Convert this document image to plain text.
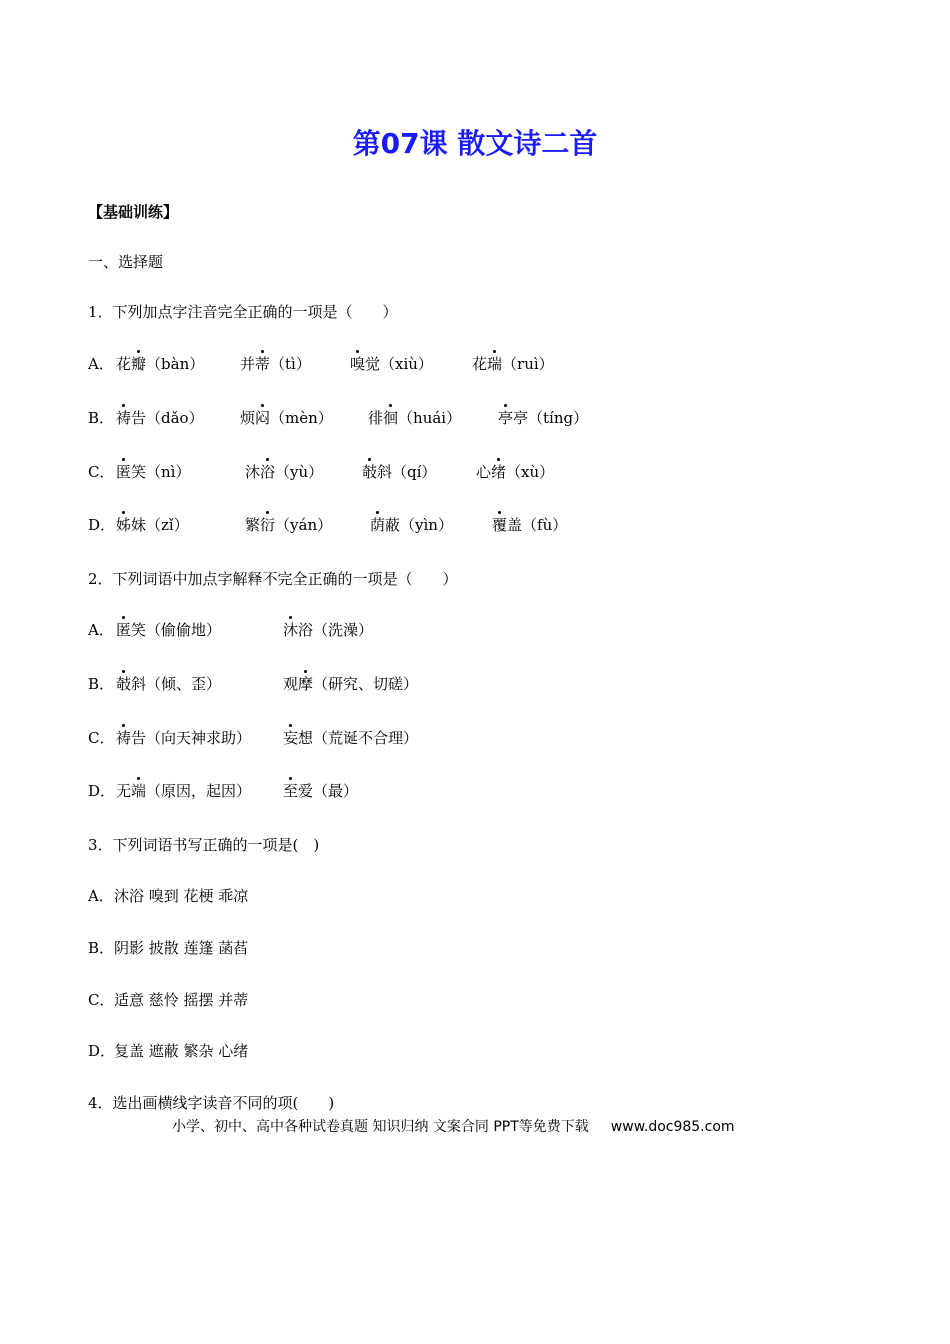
第07课 散文诗二首
【基础训练】
一、选择题
1．下列加点字注音完全正确的一项是（　　）
A． 花瓣（bàn） 并蒂（tì）	嗅觉（xiù）	花瑞（ruì）
B． 祷告（dǎo） 烦闷（mèn） 徘徊（huái） 亭亭（tíng）
C． 匿笑（nì）	沐浴（yù）	攲斜（qí）	心绪（xù）
D． 姊妹（zǐ）	繁衍（yán）	荫蔽（yìn）	覆盖（fù）
2．下列词语中加点字解释不完全正确的一项是（　　）
A． 匿笑（偷偷地）	沐浴（洗澡）
B． 攲斜（倾、歪）	观摩（研究、切磋）
C． 祷告（向天神求助） 妄想（荒诞不合理）
D． 无端（原因，起因） 至爱（最）
3．下列词语书写正确的一项是(　)
A．沐浴 嗅到 花梗 乖凉
B．阴影 披散 莲篷 菡萏
C．适意 慈怜 摇摆 并蒂
D．复盖 遮蔽 繁杂 心绪
4．选出画横线字读音不同的项(　　)
小学、初中、高中各种试卷真题 知识归纳 文案合同 PPT等免费下载 www.doc985.com
